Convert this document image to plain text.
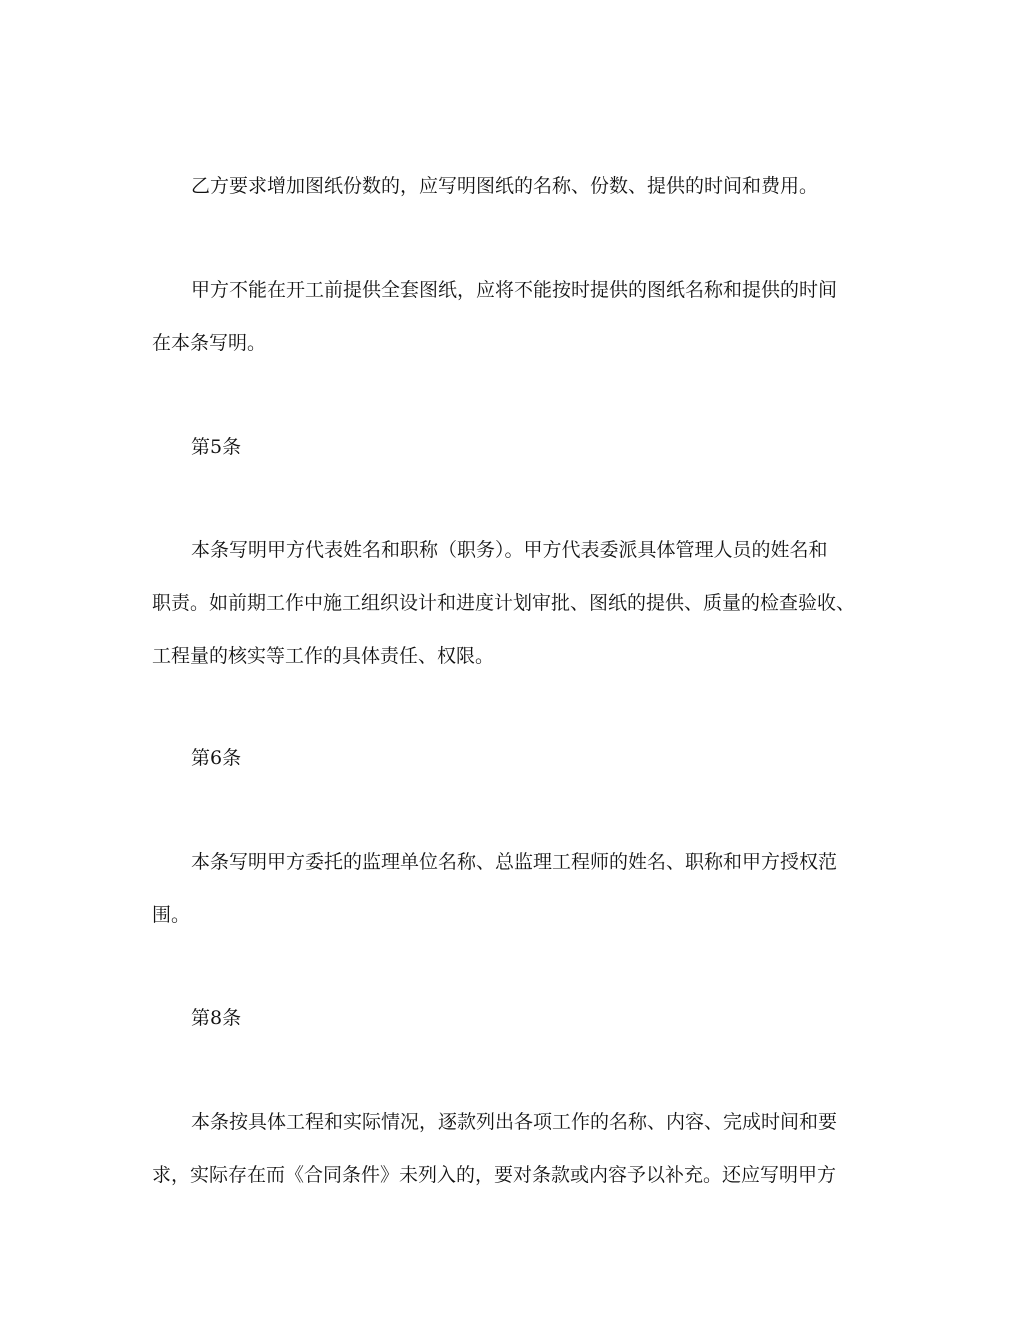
乙方要求增加图纸份数的，应写明图纸的名称、份数、提供的时间和费用。

甲方不能在开工前提供全套图纸，应将不能按时提供的图纸名称和提供的时间
在本条写明。

第5条

本条写明甲方代表姓名和职称（职务）。甲方代表委派具体管理人员的姓名和
职责。如前期工作中施工组织设计和进度计划审批、图纸的提供、质量的检查验收、
工程量的核实等工作的具体责任、权限。

第6条

本条写明甲方委托的监理单位名称、总监理工程师的姓名、职称和甲方授权范
围。

第8条

本条按具体工程和实际情况，逐款列出各项工作的名称、内容、完成时间和要
求，实际存在而《合同条件》未列入的，要对条款或内容予以补充。还应写明甲方
